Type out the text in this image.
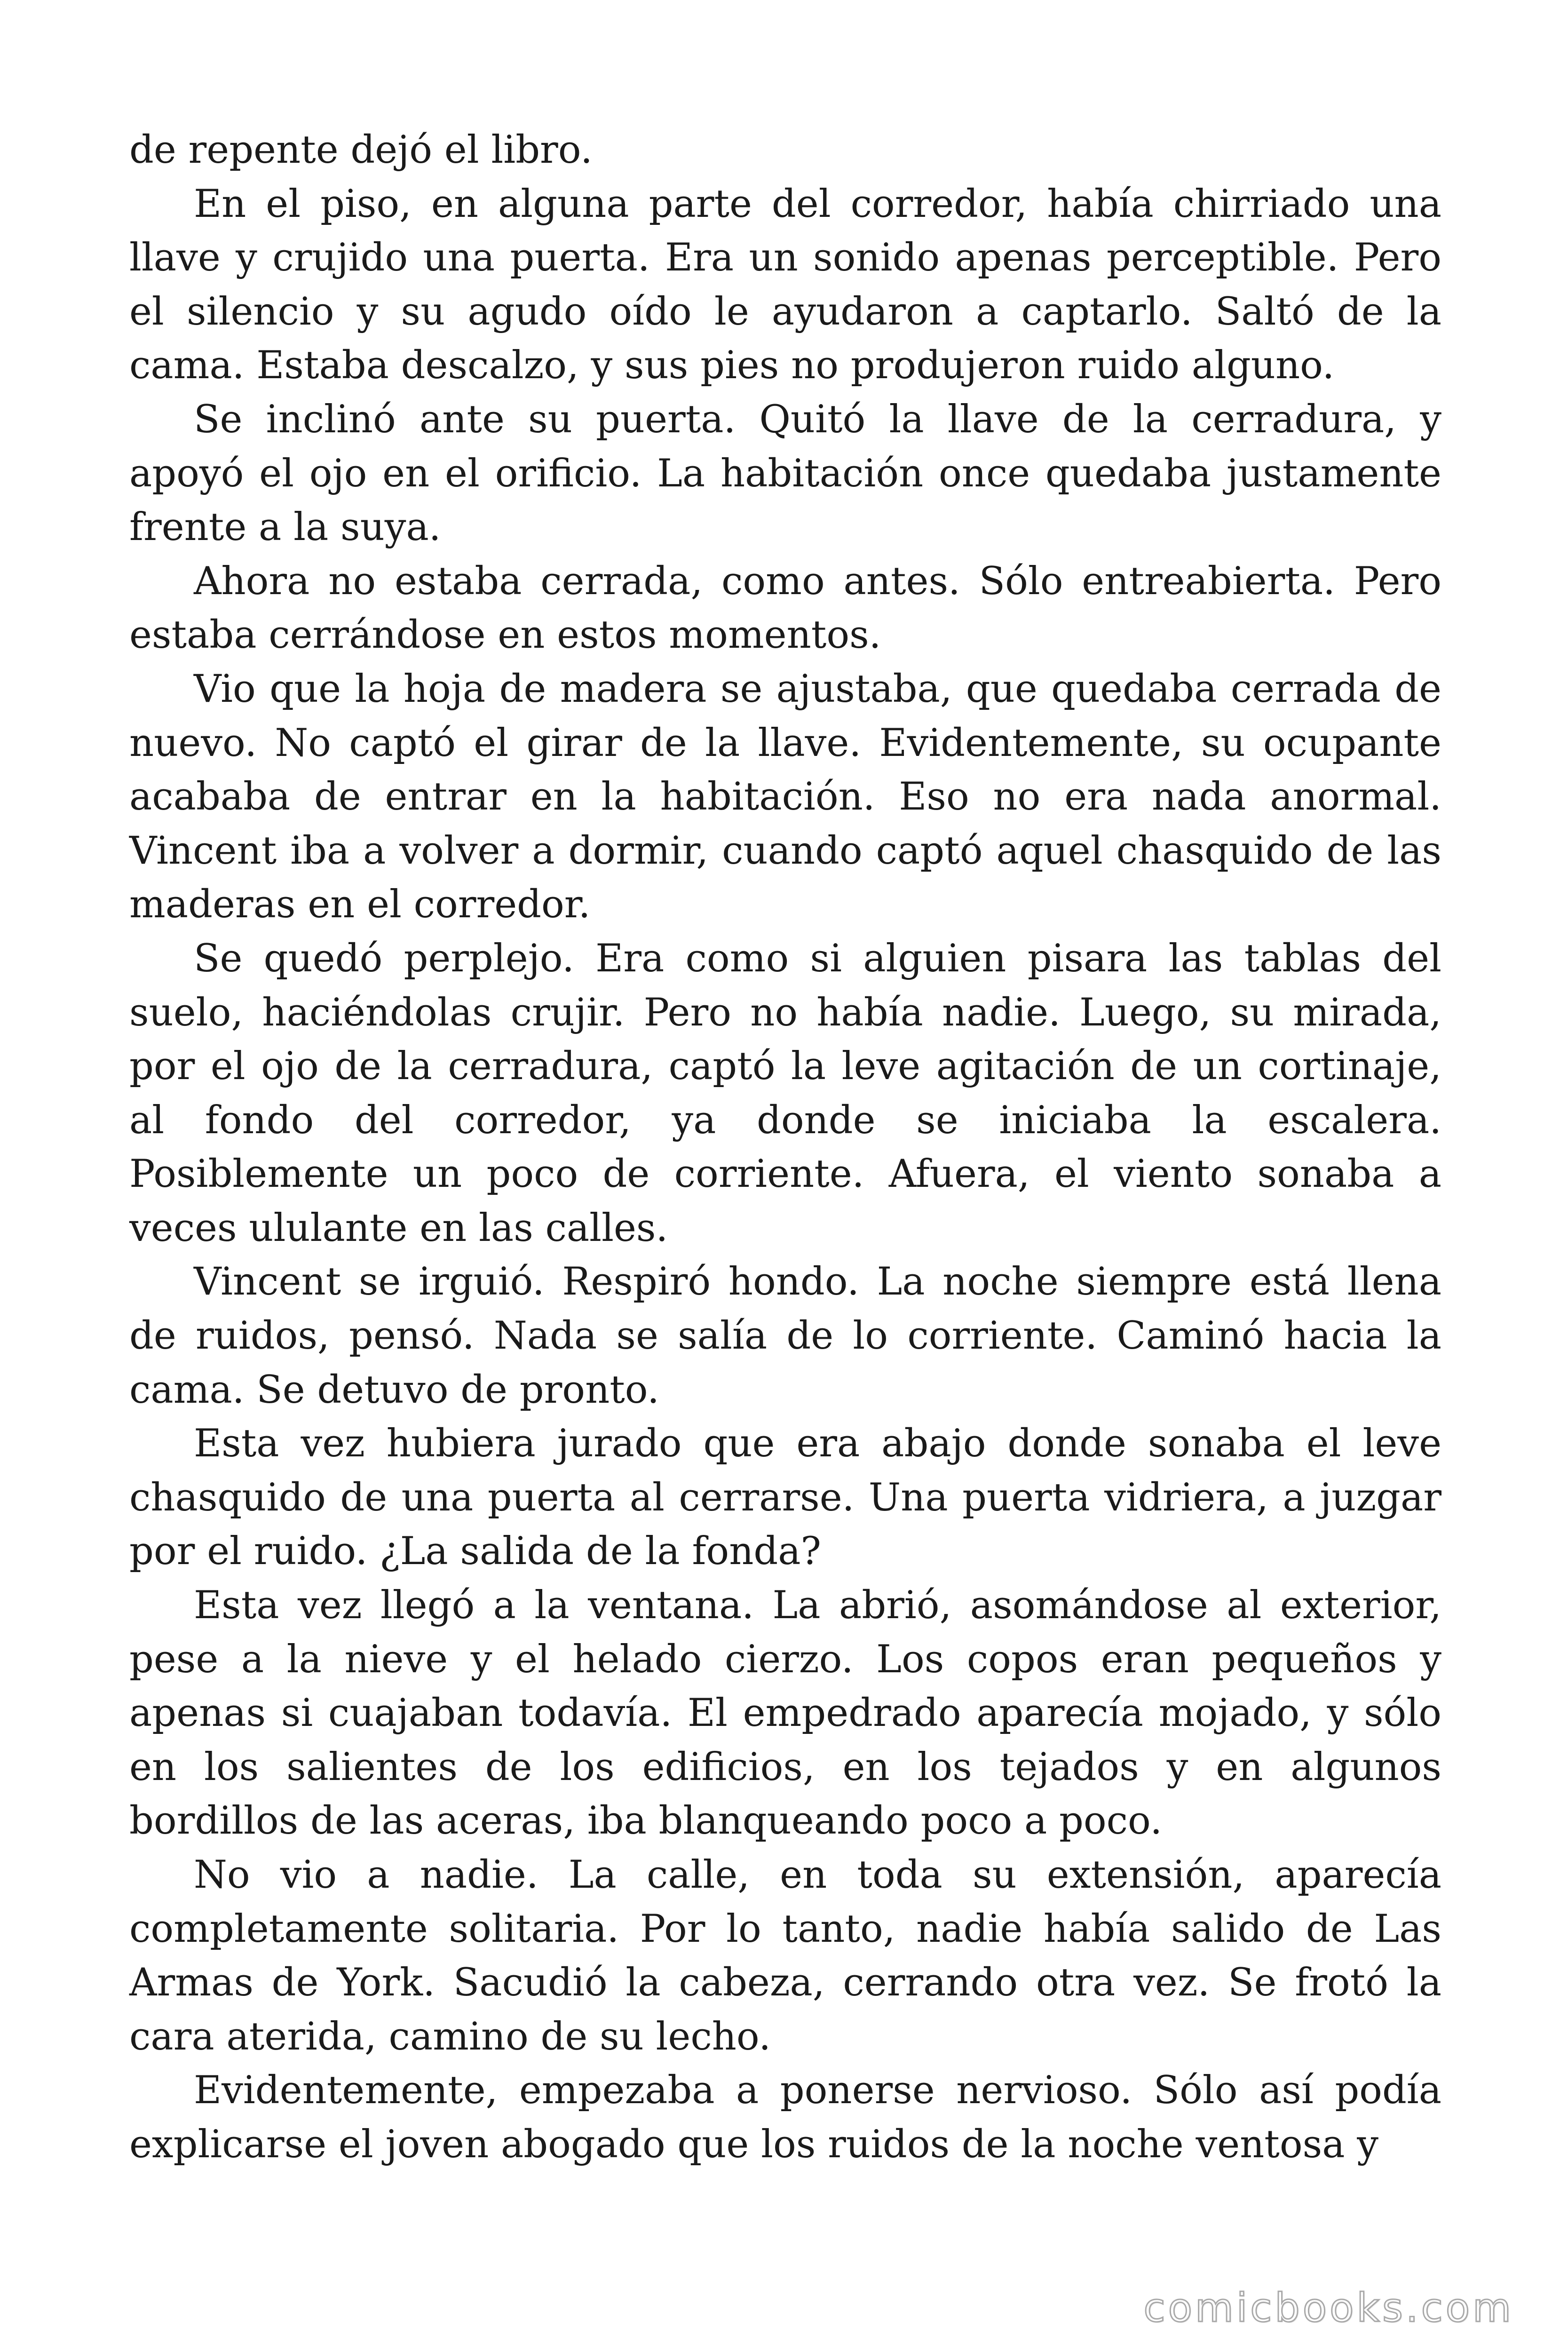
de repente dejó el libro.

En el piso, en alguna parte del corredor, había chirriado una llave y crujido una puerta. Era un sonido apenas perceptible. Pero el silencio y su agudo oído le ayudaron a captarlo. Saltó de la cama. Estaba descalzo, y sus pies no produjeron ruido alguno.

Se inclinó ante su puerta. Quitó la llave de la cerradura, y apoyó el ojo en el orificio. La habitación once quedaba justamente frente a la suya.

Ahora no estaba cerrada, como antes. Sólo entreabierta. Pero estaba cerrándose en estos momentos.

Vio que la hoja de madera se ajustaba, que quedaba cerrada de nuevo. No captó el girar de la llave. Evidentemente, su ocupante acababa de entrar en la habitación. Eso no era nada anormal. Vincent iba a volver a dormir, cuando captó aquel chasquido de las maderas en el corredor.

Se quedó perplejo. Era como si alguien pisara las tablas del suelo, haciéndolas crujir. Pero no había nadie. Luego, su mirada, por el ojo de la cerradura, captó la leve agitación de un cortinaje, al fondo del corredor, ya donde se iniciaba la escalera. Posiblemente un poco de corriente. Afuera, el viento sonaba a veces ululante en las calles.

Vincent se irguió. Respiró hondo. La noche siempre está llena de ruidos, pensó. Nada se salía de lo corriente. Caminó hacia la cama. Se detuvo de pronto.

Esta vez hubiera jurado que era abajo donde sonaba el leve chasquido de una puerta al cerrarse. Una puerta vidriera, a juzgar por el ruido. ¿La salida de la fonda?

Esta vez llegó a la ventana. La abrió, asomándose al exterior, pese a la nieve y el helado cierzo. Los copos eran pequeños y apenas si cuajaban todavía. El empedrado aparecía mojado, y sólo en los salientes de los edificios, en los tejados y en algunos bordillos de las aceras, iba blanqueando poco a poco.

No vio a nadie. La calle, en toda su extensión, aparecía completamente solitaria. Por lo tanto, nadie había salido de Las Armas de York. Sacudió la cabeza, cerrando otra vez. Se frotó la cara aterida, camino de su lecho.

Evidentemente, empezaba a ponerse nervioso. Sólo así podía explicarse el joven abogado que los ruidos de la noche ventosa y

comicbooks.com
